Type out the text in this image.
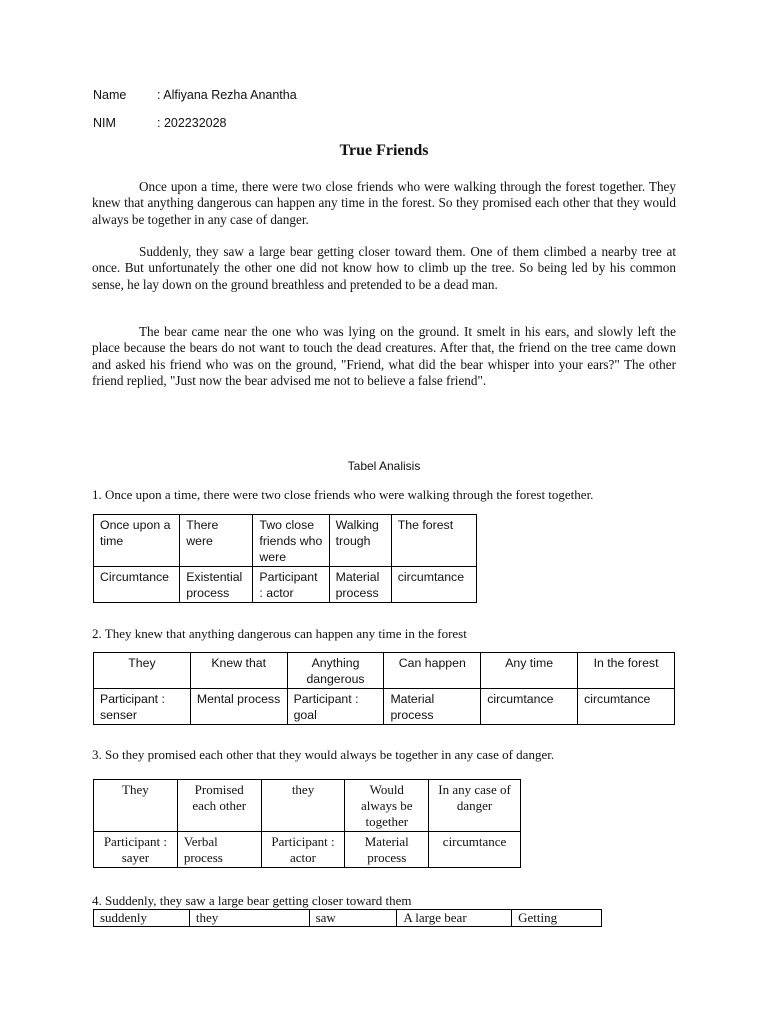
Name : Alfiyana Rezha Anantha
NIM	: 202232028
True Friends
Once upon a time, there were two close friends who were walking through the forest together. They knew that anything dangerous can happen any time in the forest. So they promised each other that they would always be together in any case of danger.
Suddenly, they saw a large bear getting closer toward them. One of them climbed a nearby tree at once. But unfortunately the other one did not know how to climb up the tree. So being led by his common sense, he lay down on the ground breathless and pretended to be a dead man.
The bear came near the one who was lying on the ground. It smelt in his ears, and slowly left the place because the bears do not want to touch the dead creatures. After that, the friend on the tree came down and asked his friend who was on the ground, "Friend, what did the bear whisper into your ears?" The other friend replied, "Just now the bear advised me not to believe a false friend".
Tabel Analisis
1. Once upon a time, there were two close friends who were walking through the forest together.
Once upon a time	There were	Two close friends who were	Walking trough	The forest
Circumtance	Existential process	Participant : actor	Material process	circumtance
2. They knew that anything dangerous can happen any time in the forest
They	Knew that	Anything dangerous	Can happen	Any time	In the forest
Participant : senser	Mental process	Participant : goal	Material process	circumtance	circumtance
3. So they promised each other that they would always be together in any case of danger.
They	Promised each other	they	Would always be together	In any case of danger
Participant : sayer	Verbal process	Participant : actor	Material process	circumtance
4. Suddenly, they saw a large bear getting closer toward them
suddenly	they	saw	A large bear	Getting
